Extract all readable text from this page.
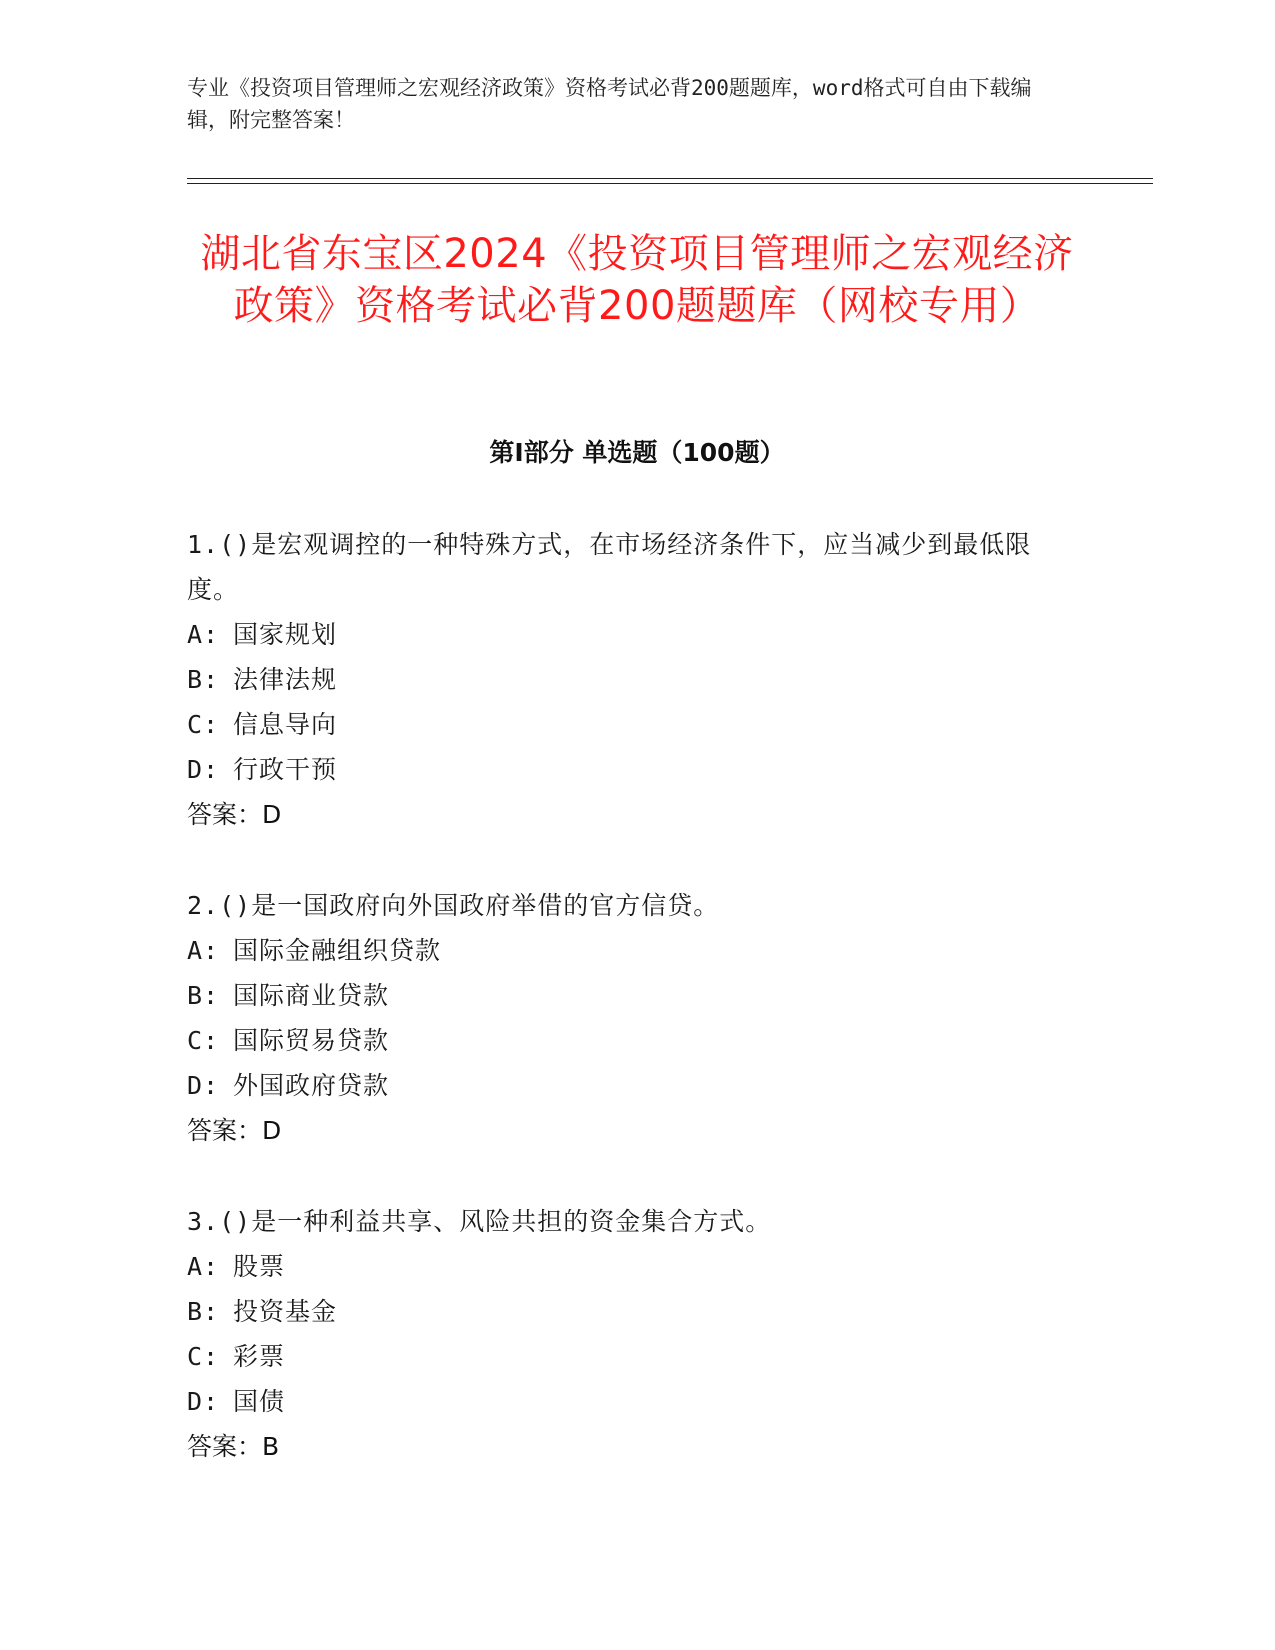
专业《投资项目管理师之宏观经济政策》资格考试必背200题题库，word格式可自由下载编辑，附完整答案！
湖北省东宝区2024《投资项目管理师之宏观经济政策》资格考试必背200题题库（网校专用）
第I部分 单选题（100题）
1.()是宏观调控的一种特殊方式，在市场经济条件下，应当减少到最低限度。
A: 国家规划
B: 法律法规
C: 信息导向
D: 行政干预
答案：D
2.()是一国政府向外国政府举借的官方信贷。
A: 国际金融组织贷款
B: 国际商业贷款
C: 国际贸易贷款
D: 外国政府贷款
答案：D
3.()是一种利益共享、风险共担的资金集合方式。
A: 股票
B: 投资基金
C: 彩票
D: 国债
答案：B
